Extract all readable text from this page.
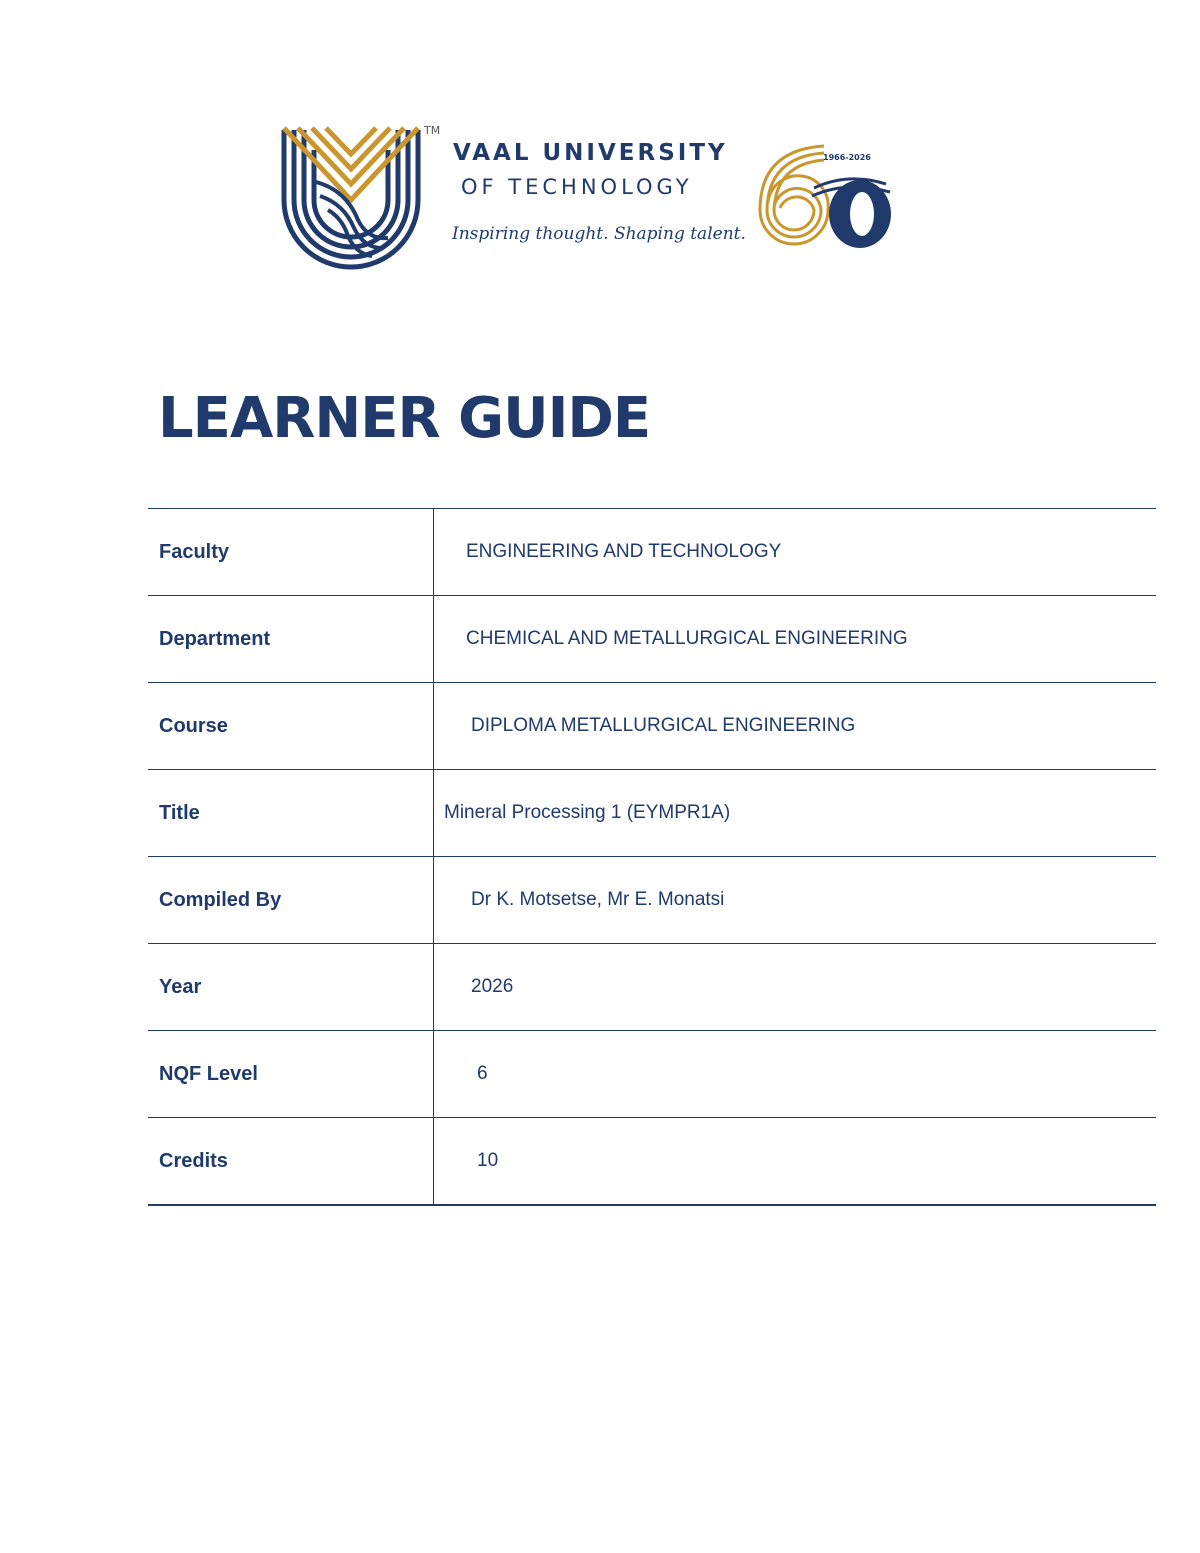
TM
VAAL UNIVERSITY
OF TECHNOLOGY
Inspiring thought. Shaping talent.
1966-2026
LEARNER GUIDE
Faculty	ENGINEERING AND TECHNOLOGY
Department	CHEMICAL AND METALLURGICAL ENGINEERING
Course	DIPLOMA METALLURGICAL ENGINEERING
Title	Mineral Processing 1 (EYMPR1A)
Compiled By	Dr K. Motsetse, Mr E. Monatsi
Year	2026
NQF Level	6
Credits	10
